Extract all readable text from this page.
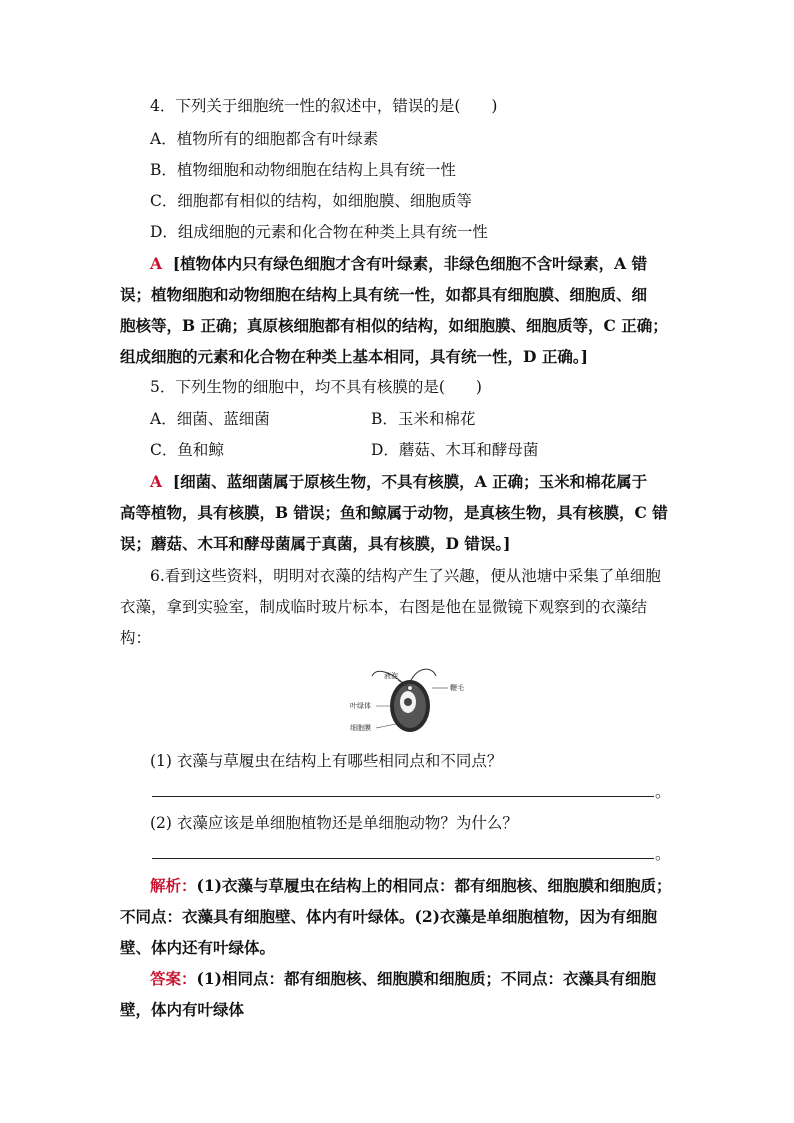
4．下列关于细胞统一性的叙述中，错误的是(　　)
A．植物所有的细胞都含有叶绿素
B．植物细胞和动物细胞在结构上具有统一性
C．细胞都有相似的结构，如细胞膜、细胞质等
D．组成细胞的元素和化合物在种类上具有统一性
A [植物体内只有绿色细胞才含有叶绿素，非绿色细胞不含叶绿素，A 错
误；植物细胞和动物细胞在结构上具有统一性，如都具有细胞膜、细胞质、细
胞核等，B 正确；真原核细胞都有相似的结构，如细胞膜、细胞质等，C 正确；
组成细胞的元素和化合物在种类上基本相同，具有统一性，D 正确。]
5．下列生物的细胞中，均不具有核膜的是(　　)
A．细菌、蓝细菌	B．玉米和棉花
C．鱼和鲸	D．蘑菇、木耳和酵母菌
A [细菌、蓝细菌属于原核生物，不具有核膜，A 正确；玉米和棉花属于
高等植物，具有核膜，B 错误；鱼和鲸属于动物，是真核生物，具有核膜，C 错
误；蘑菇、木耳和酵母菌属于真菌，具有核膜，D 错误。]
6.看到这些资料，明明对衣藻的结构产生了兴趣，便从池塘中采集了单细胞
衣藻，拿到实验室，制成临时玻片标本，右图是他在显微镜下观察到的衣藻结
构：
液泡
鞭毛
叶绿体
细胞膜
(1) 衣藻与草履虫在结构上有哪些相同点和不同点？
。
(2) 衣藻应该是单细胞植物还是单细胞动物？为什么？
。
解析：(1)衣藻与草履虫在结构上的相同点：都有细胞核、细胞膜和细胞质；
不同点：衣藻具有细胞壁、体内有叶绿体。(2)衣藻是单细胞植物，因为有细胞
壁、体内还有叶绿体。
答案：(1)相同点：都有细胞核、细胞膜和细胞质；不同点：衣藻具有细胞
壁，体内有叶绿体
